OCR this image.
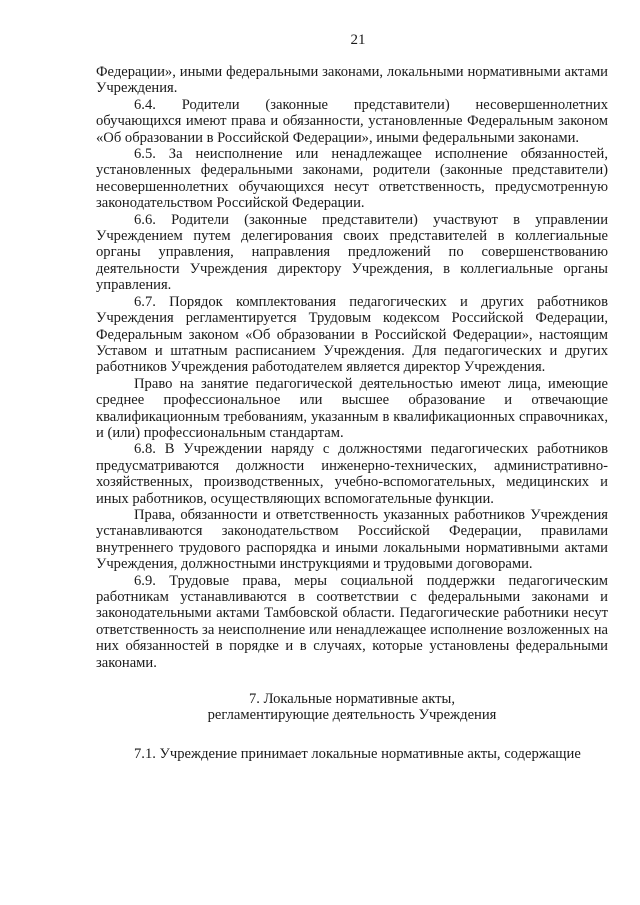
21

Федерации», иными федеральными законами, локальными нормативными актами Учреждения.

6.4. Родители (законные представители) несовершеннолетних обучающихся имеют права и обязанности, установленные Федеральным законом «Об образовании в Российской Федерации», иными федеральными законами.

6.5. За неисполнение или ненадлежащее исполнение обязанностей, установленных федеральными законами, родители (законные представители) несовершеннолетних обучающихся несут ответственность, предусмотренную законодательством Российской Федерации.

6.6. Родители (законные представители) участвуют в управлении Учреждением путем делегирования своих представителей в коллегиальные органы управления, направления предложений по совершенствованию деятельности Учреждения директору Учреждения, в коллегиальные органы управления.

6.7. Порядок комплектования педагогических и других работников Учреждения регламентируется Трудовым кодексом Российской Федерации, Федеральным законом «Об образовании в Российской Федерации», настоящим Уставом и штатным расписанием Учреждения. Для педагогических и других работников Учреждения работодателем является директор Учреждения.

Право на занятие педагогической деятельностью имеют лица, имеющие среднее профессиональное или высшее образование и отвечающие квалификационным требованиям, указанным в квалификационных справочниках, и (или) профессиональным стандартам.

6.8. В Учреждении наряду с должностями педагогических работников предусматриваются должности инженерно-технических, административно-хозяйственных, производственных, учебно-вспомогательных, медицинских и иных работников, осуществляющих вспомогательные функции.

Права, обязанности и ответственность указанных работников Учреждения устанавливаются законодательством Российской Федерации, правилами внутреннего трудового распорядка и иными локальными нормативными актами Учреждения, должностными инструкциями и трудовыми договорами.

6.9. Трудовые права, меры социальной поддержки педагогическим работникам устанавливаются в соответствии с федеральными законами и законодательными актами Тамбовской области. Педагогические работники несут ответственность за неисполнение или ненадлежащее исполнение возложенных на них обязанностей в порядке и в случаях, которые установлены федеральными законами.

7. Локальные нормативные акты,
регламентирующие деятельность Учреждения

7.1. Учреждение принимает локальные нормативные акты, содержащие
